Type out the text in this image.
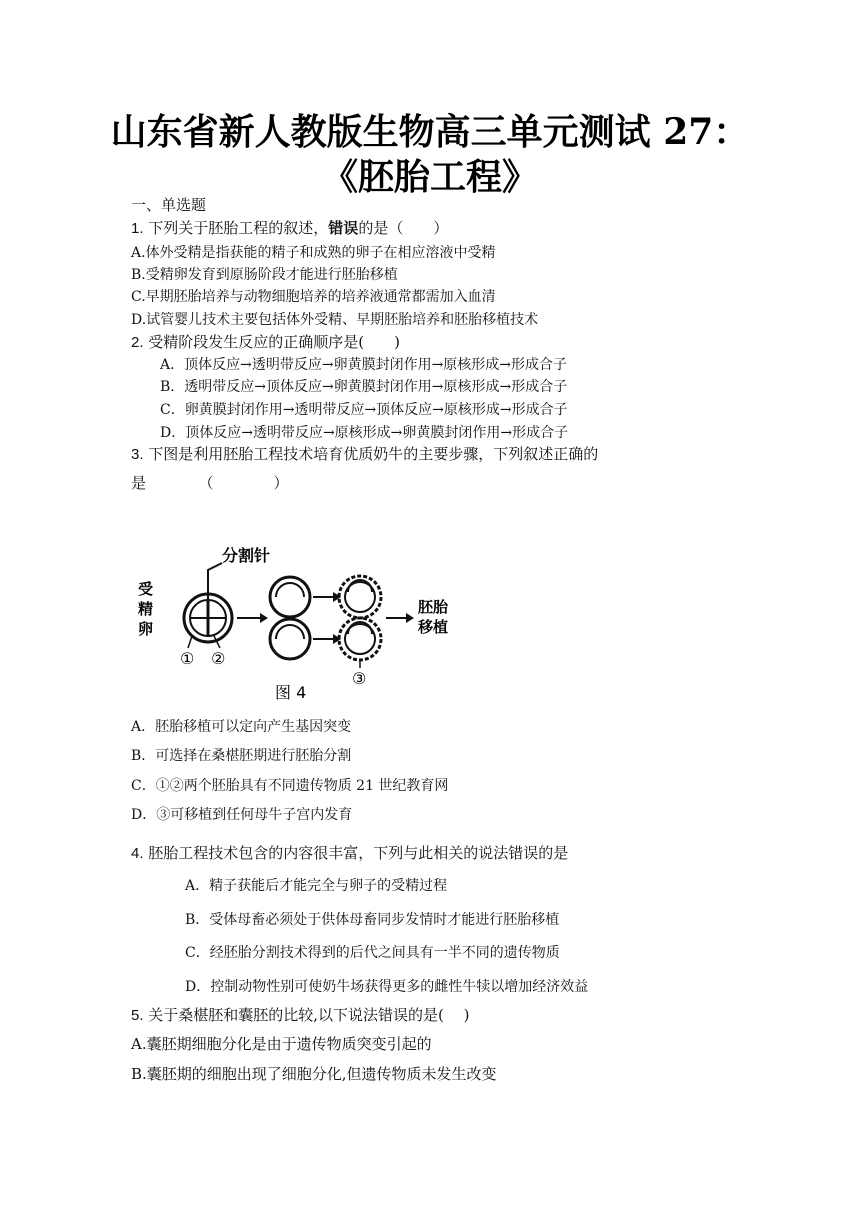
山东省新人教版生物高三单元测试 27：
《胚胎工程》
一、单选题
1. 下列关于胚胎工程的叙述，错误的是（　　）
A.体外受精是指获能的精子和成熟的卵子在相应溶液中受精
B.受精卵发育到原肠阶段才能进行胚胎移植
C.早期胚胎培养与动物细胞培养的培养液通常都需加入血清
D.试管婴儿技术主要包括体外受精、早期胚胎培养和胚胎移植技术
2. 受精阶段发生反应的正确顺序是(　　)
A．顶体反应→透明带反应→卵黄膜封闭作用→原核形成→形成合子
B．透明带反应→顶体反应→卵黄膜封闭作用→原核形成→形成合子
C．卵黄膜封闭作用→透明带反应→顶体反应→原核形成→形成合子
D．顶体反应→透明带反应→原核形成→卵黄膜封闭作用→形成合子
3. 下图是利用胚胎工程技术培育优质奶牛的主要步骤，下列叙述正确的
是　　　　（　　　　）
受
精
卵
分割针
① ②
③
胚胎
移植
图 4
A．胚胎移植可以定向产生基因突变
B．可选择在桑椹胚期进行胚胎分割
C．①②两个胚胎具有不同遗传物质 21 世纪教育网
D．③可移植到任何母牛子宫内发育
4. 胚胎工程技术包含的内容很丰富，下列与此相关的说法错误的是
A．精子获能后才能完全与卵子的受精过程
B．受体母畜必须处于供体母畜同步发情时才能进行胚胎移植
C．经胚胎分割技术得到的后代之间具有一半不同的遗传物质
D．控制动物性别可使奶牛场获得更多的雌性牛犊以增加经济效益
5. 关于桑椹胚和囊胚的比较,以下说法错误的是(　 )
A.囊胚期细胞分化是由于遗传物质突变引起的
B.囊胚期的细胞出现了细胞分化,但遗传物质未发生改变
